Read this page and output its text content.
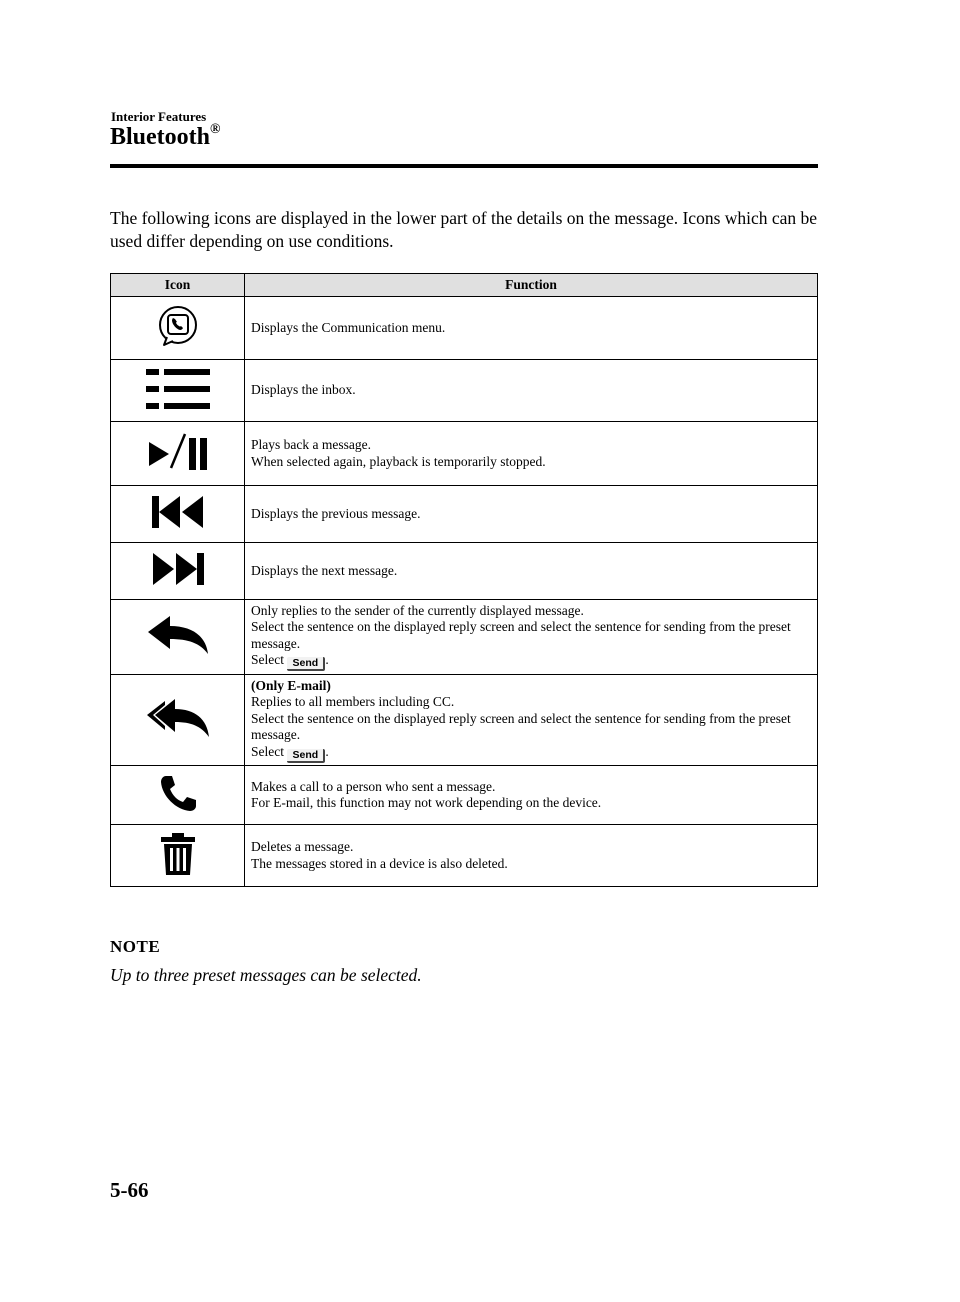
Interior Features
Bluetooth®
The following icons are displayed in the lower part of the details on the message. Icons which can be used differ depending on use conditions.
Icon	Function

Displays the Communication menu.

Displays the inbox.

Plays back a message.
When selected again, playback is temporarily stopped.

Displays the previous message.

Displays the next message.

Only replies to the sender of the currently displayed message.
Select the sentence on the displayed reply screen and select the sentence for sending from the preset message.
Select Send .

(Only E-mail)
Replies to all members including CC.
Select the sentence on the displayed reply screen and select the sentence for sending from the preset message.
Select Send .

Makes a call to a person who sent a message.
For E-mail, this function may not work depending on the device.

Deletes a message.
The messages stored in a device is also deleted.
NOTE
Up to three preset messages can be selected.
5-66
